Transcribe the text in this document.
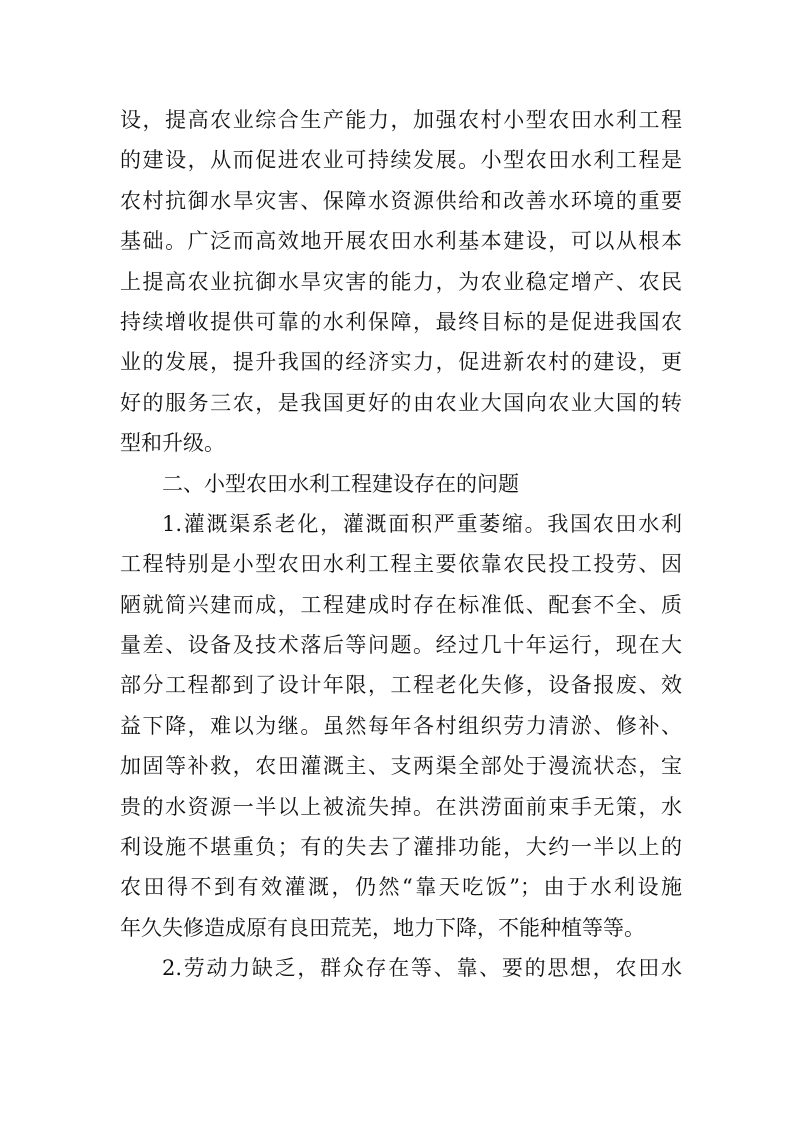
设，提高农业综合生产能力，加强农村小型农田水利工程
的建设，从而促进农业可持续发展。小型农田水利工程是
农村抗御水旱灾害、保障水资源供给和改善水环境的重要
基础。广泛而高效地开展农田水利基本建设，可以从根本
上提高农业抗御水旱灾害的能力，为农业稳定增产、农民
持续增收提供可靠的水利保障，最终目标的是促进我国农
业的发展，提升我国的经济实力，促进新农村的建设，更
好的服务三农，是我国更好的由农业大国向农业大国的转
型和升级。
二、小型农田水利工程建设存在的问题
1.灌溉渠系老化，灌溉面积严重萎缩。我国农田水利
工程特别是小型农田水利工程主要依靠农民投工投劳、因
陋就简兴建而成，工程建成时存在标准低、配套不全、质
量差、设备及技术落后等问题。经过几十年运行，现在大
部分工程都到了设计年限，工程老化失修，设备报废、效
益下降，难以为继。虽然每年各村组织劳力清淤、修补、
加固等补救，农田灌溉主、支两渠全部处于漫流状态，宝
贵的水资源一半以上被流失掉。在洪涝面前束手无策，水
利设施不堪重负；有的失去了灌排功能，大约一半以上的
农田得不到有效灌溉，仍然“靠天吃饭”；由于水利设施
年久失修造成原有良田荒芜，地力下降，不能种植等等。
2.劳动力缺乏，群众存在等、靠、要的思想，农田水
